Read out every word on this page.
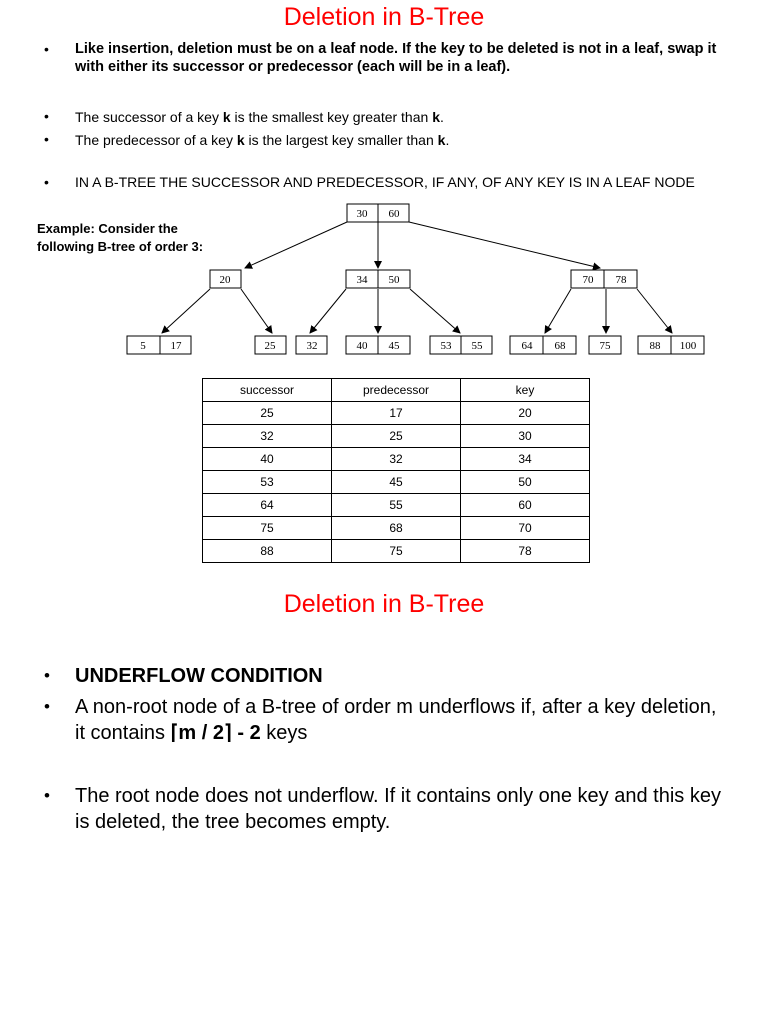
Deletion in B-Tree
• Like insertion, deletion must be on a leaf node. If the key to be deleted is not in a leaf, swap it with either its successor or predecessor (each will be in a leaf).
• The successor of a key k is the smallest key greater than k.
• The predecessor of a key k is the largest key smaller than k.
• IN A B-TREE THE SUCCESSOR AND PREDECESSOR, IF ANY, OF ANY KEY IS IN A LEAF NODE
Example: Consider the following B-tree of order 3:
30 60
20	34 50	70 78
5 17	25	32	40 45	53 55	64 68	75	88 100
successor	predecessor	key
25	17	20
32	25	30
40	32	34
53	45	50
64	55	60
75	68	70
88	75	78
Deletion in B-Tree
• UNDERFLOW CONDITION
• A non-root node of a B-tree of order m underflows if, after a key deletion, it contains ⌈m / 2⌉ - 2 keys
• The root node does not underflow. If it contains only one key and this key is deleted, the tree becomes empty.
